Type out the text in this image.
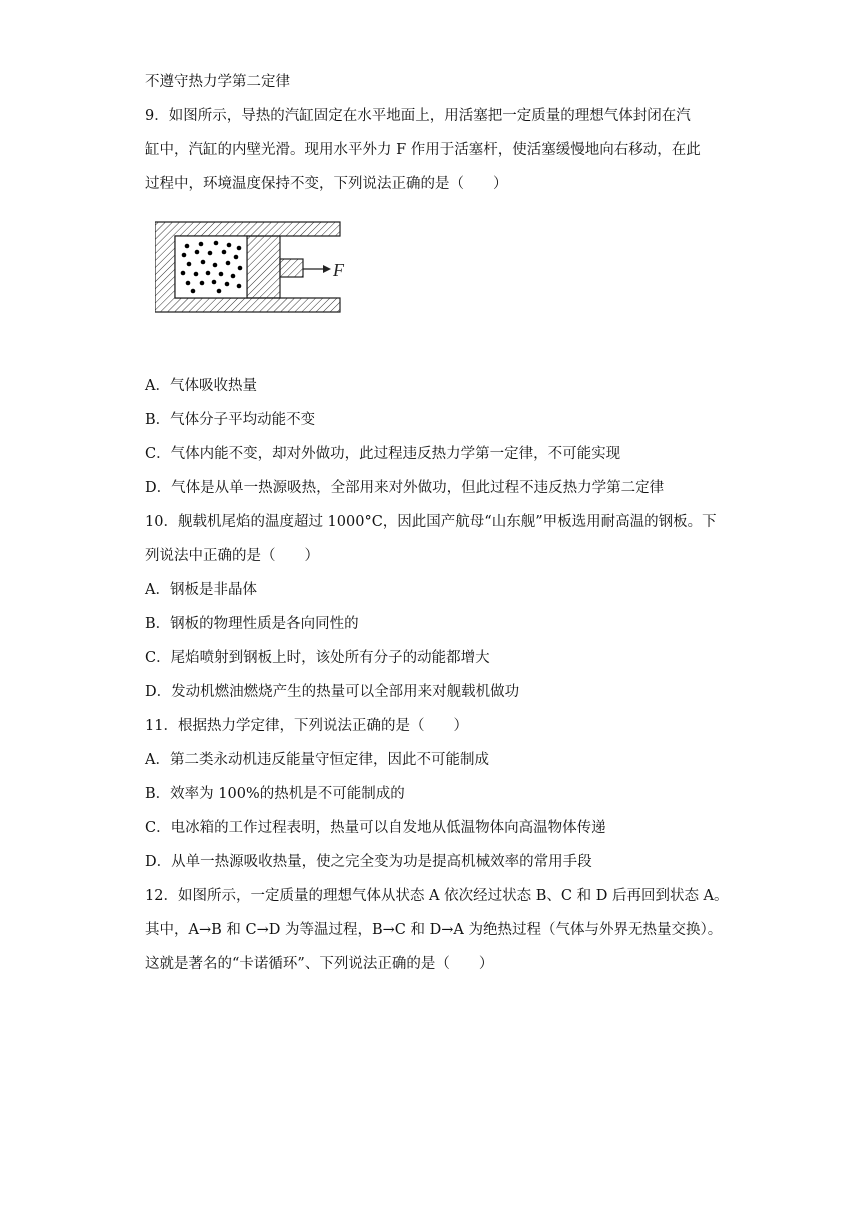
不遵守热力学第二定律
9．如图所示，导热的汽缸固定在水平地面上，用活塞把一定质量的理想气体封闭在汽
缸中，汽缸的内壁光滑。现用水平外力 F 作用于活塞杆，使活塞缓慢地向右移动，在此
过程中，环境温度保持不变，下列说法正确的是（　　）
F
A．气体吸收热量
B．气体分子平均动能不变
C．气体内能不变，却对外做功，此过程违反热力学第一定律，不可能实现
D．气体是从单一热源吸热，全部用来对外做功，但此过程不违反热力学第二定律
10．舰载机尾焰的温度超过 1000°C，因此国产航母“山东舰”甲板选用耐高温的钢板。下
列说法中正确的是（　　）
A．钢板是非晶体
B．钢板的物理性质是各向同性的
C．尾焰喷射到钢板上时，该处所有分子的动能都增大
D．发动机燃油燃烧产生的热量可以全部用来对舰载机做功
11．根据热力学定律，下列说法正确的是（　　）
A．第二类永动机违反能量守恒定律，因此不可能制成
B．效率为 100%的热机是不可能制成的
C．电冰箱的工作过程表明，热量可以自发地从低温物体向高温物体传递
D．从单一热源吸收热量，使之完全变为功是提高机械效率的常用手段
12．如图所示，一定质量的理想气体从状态 A 依次经过状态 B、C 和 D 后再回到状态 A。
其中，A→B 和 C→D 为等温过程，B→C 和 D→A 为绝热过程（气体与外界无热量交换）。
这就是著名的“卡诺循环”、下列说法正确的是（　　）
